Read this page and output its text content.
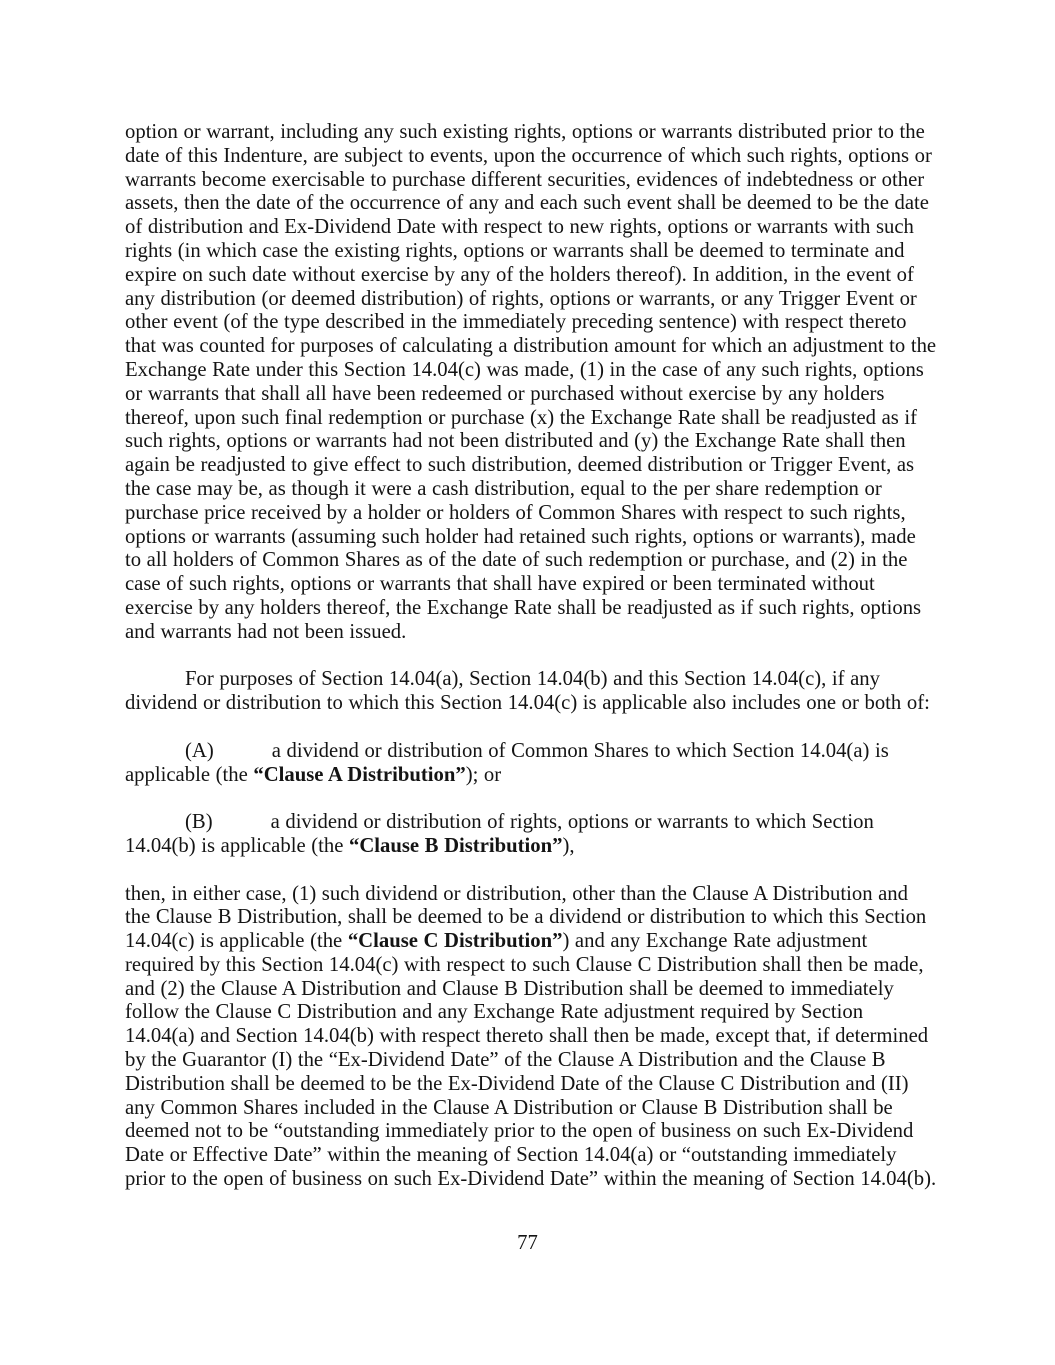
option or warrant, including any such existing rights, options or warrants distributed prior to the date of this Indenture, are subject to events, upon the occurrence of which such rights, options or warrants become exercisable to purchase different securities, evidences of indebtedness or other assets, then the date of the occurrence of any and each such event shall be deemed to be the date of distribution and Ex-Dividend Date with respect to new rights, options or warrants with such rights (in which case the existing rights, options or warrants shall be deemed to terminate and expire on such date without exercise by any of the holders thereof). In addition, in the event of any distribution (or deemed distribution) of rights, options or warrants, or any Trigger Event or other event (of the type described in the immediately preceding sentence) with respect thereto that was counted for purposes of calculating a distribution amount for which an adjustment to the Exchange Rate under this Section 14.04(c) was made, (1) in the case of any such rights, options or warrants that shall all have been redeemed or purchased without exercise by any holders thereof, upon such final redemption or purchase (x) the Exchange Rate shall be readjusted as if such rights, options or warrants had not been distributed and (y) the Exchange Rate shall then again be readjusted to give effect to such distribution, deemed distribution or Trigger Event, as the case may be, as though it were a cash distribution, equal to the per share redemption or purchase price received by a holder or holders of Common Shares with respect to such rights, options or warrants (assuming such holder had retained such rights, options or warrants), made to all holders of Common Shares as of the date of such redemption or purchase, and (2) in the case of such rights, options or warrants that shall have expired or been terminated without exercise by any holders thereof, the Exchange Rate shall be readjusted as if such rights, options and warrants had not been issued.

For purposes of Section 14.04(a), Section 14.04(b) and this Section 14.04(c), if any dividend or distribution to which this Section 14.04(c) is applicable also includes one or both of:

(A)	a dividend or distribution of Common Shares to which Section 14.04(a) is applicable (the “Clause A Distribution”); or

(B)	a dividend or distribution of rights, options or warrants to which Section 14.04(b) is applicable (the “Clause B Distribution”),

then, in either case, (1) such dividend or distribution, other than the Clause A Distribution and the Clause B Distribution, shall be deemed to be a dividend or distribution to which this Section 14.04(c) is applicable (the “Clause C Distribution”) and any Exchange Rate adjustment required by this Section 14.04(c) with respect to such Clause C Distribution shall then be made, and (2) the Clause A Distribution and Clause B Distribution shall be deemed to immediately follow the Clause C Distribution and any Exchange Rate adjustment required by Section 14.04(a) and Section 14.04(b) with respect thereto shall then be made, except that, if determined by the Guarantor (I) the “Ex-Dividend Date” of the Clause A Distribution and the Clause B Distribution shall be deemed to be the Ex-Dividend Date of the Clause C Distribution and (II) any Common Shares included in the Clause A Distribution or Clause B Distribution shall be deemed not to be “outstanding immediately prior to the open of business on such Ex-Dividend Date or Effective Date” within the meaning of Section 14.04(a) or “outstanding immediately prior to the open of business on such Ex-Dividend Date” within the meaning of Section 14.04(b).

77
